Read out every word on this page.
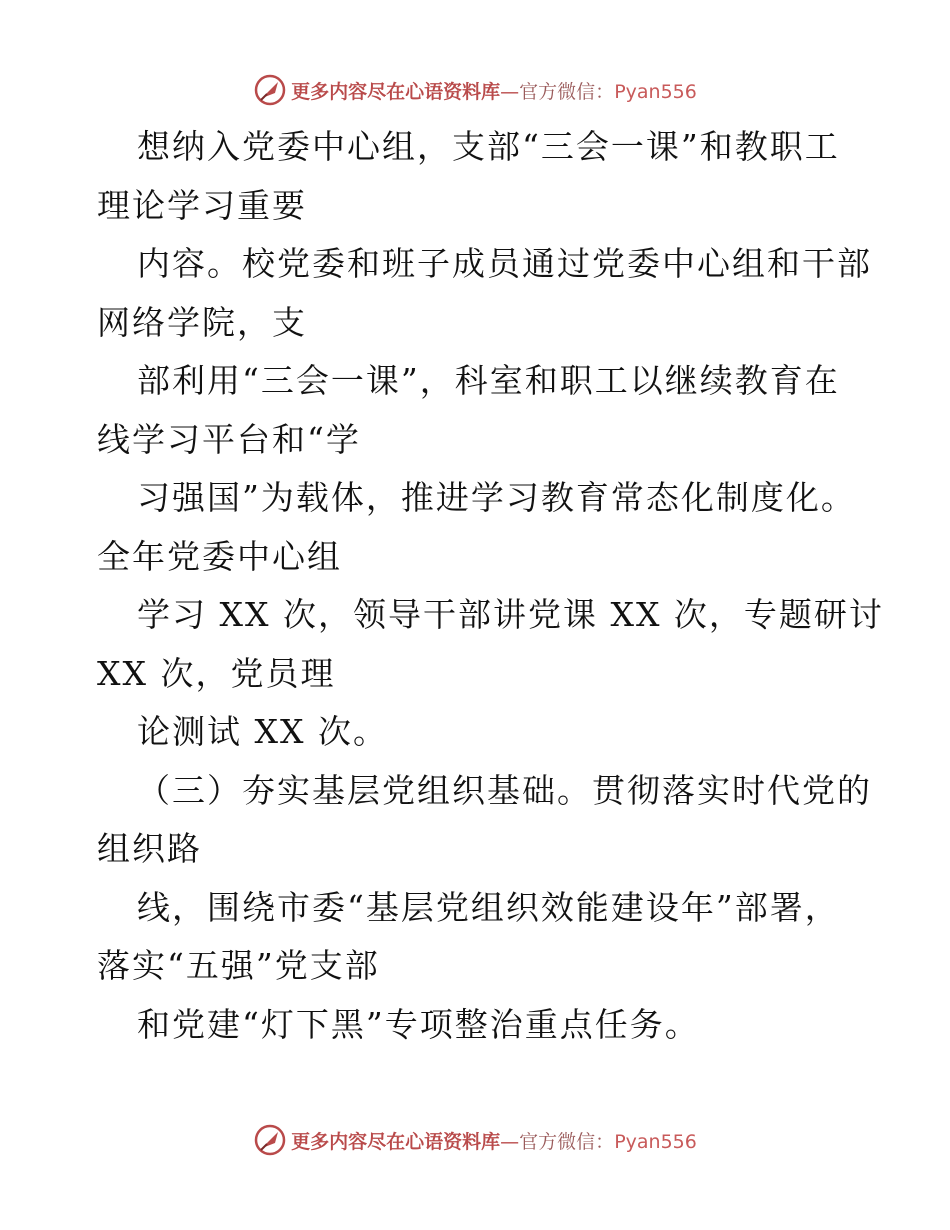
更多内容尽在心语资料库—官方微信：Pyan556
想纳入党委中心组，支部“三会一课”和教职工
理论学习重要
内容。校党委和班子成员通过党委中心组和干部
网络学院，支
部利用“三会一课”，科室和职工以继续教育在
线学习平台和“学
习强国”为载体，推进学习教育常态化制度化。
全年党委中心组
学习 XX 次，领导干部讲党课 XX 次，专题研讨
XX 次，党员理
论测试 XX 次。
（三）夯实基层党组织基础。贯彻落实时代党的
组织路
线，围绕市委“基层党组织效能建设年”部署，
落实“五强”党支部
和党建“灯下黑”专项整治重点任务。
更多内容尽在心语资料库—官方微信：Pyan556
